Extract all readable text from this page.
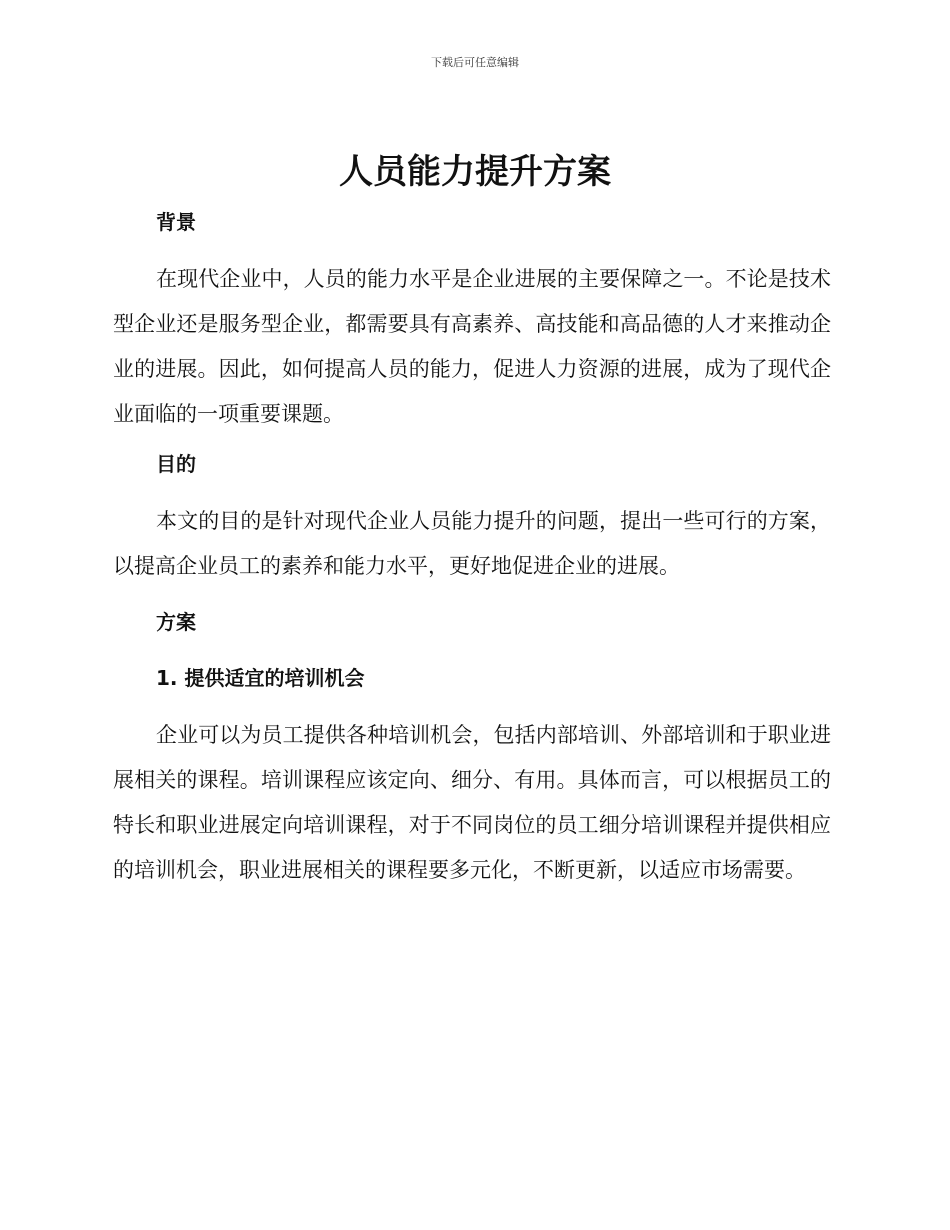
下载后可任意编辑
人员能力提升方案

背景

在现代企业中，人员的能力水平是企业进展的主要保障之一。不论是技术型企业还是服务型企业，都需要具有高素养、高技能和高品德的人才来推动企业的进展。因此，如何提高人员的能力，促进人力资源的进展，成为了现代企业面临的一项重要课题。

目的

本文的目的是针对现代企业人员能力提升的问题，提出一些可行的方案，以提高企业员工的素养和能力水平，更好地促进企业的进展。

方案

1. 提供适宜的培训机会

企业可以为员工提供各种培训机会，包括内部培训、外部培训和于职业进展相关的课程。培训课程应该定向、细分、有用。具体而言，可以根据员工的特长和职业进展定向培训课程，对于不同岗位的员工细分培训课程并提供相应的培训机会，职业进展相关的课程要多元化，不断更新，以适应市场需要。
